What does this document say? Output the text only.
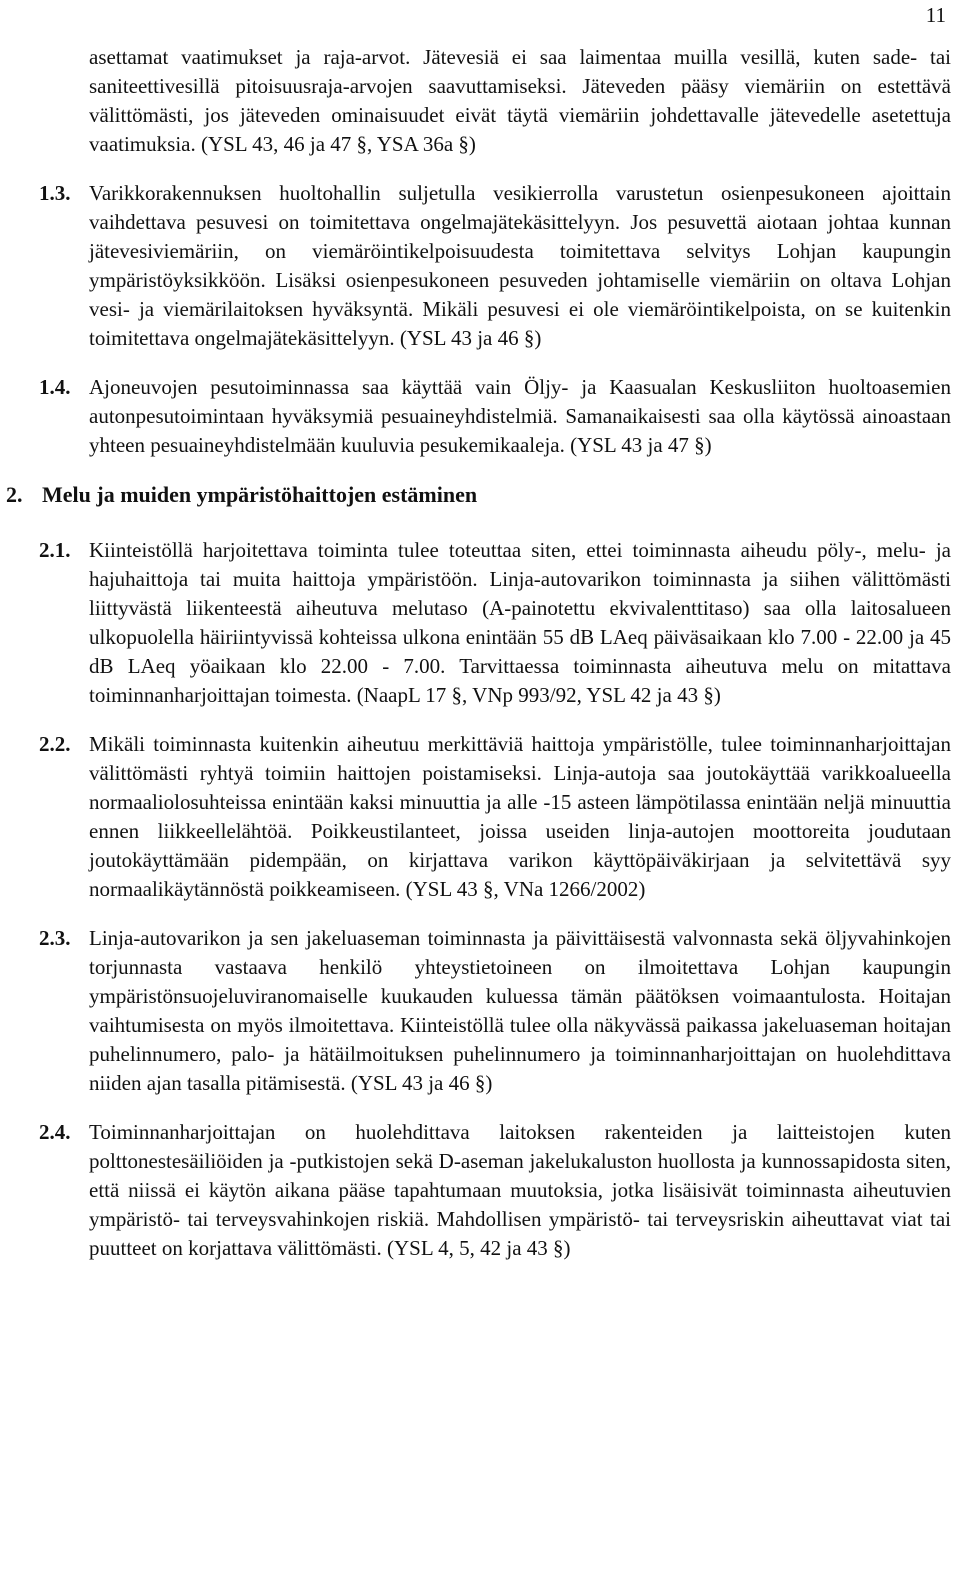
11

asettamat vaatimukset ja raja-arvot. Jätevesiä ei saa laimentaa muilla vesillä, kuten sade- tai saniteettivesillä pitoisuusraja-arvojen saavuttamiseksi. Jäteveden pääsy viemäriin on estettävä välittömästi, jos jäteveden ominaisuudet eivät täytä viemäriin johdettavalle jätevedelle asetettuja vaatimuksia. (YSL 43, 46 ja 47 §, YSA 36a §)

1.3. Varikkorakennuksen huoltohallin suljetulla vesikierrolla varustetun osienpesukoneen ajoittain vaihdettava pesuvesi on toimitettava ongelmajätekäsittelyyn. Jos pesuvettä aiotaan johtaa kunnan jätevesiviemäriin, on viemäröintikelpoisuudesta toimitettava selvitys Lohjan kaupungin ympäristöyksikköön. Lisäksi osienpesukoneen pesuveden johtamiselle viemäriin on oltava Lohjan vesi- ja viemärilaitoksen hyväksyntä. Mikäli pesuvesi ei ole viemäröintikelpoista, on se kuitenkin toimitettava ongelmajätekäsittelyyn. (YSL 43 ja 46 §)

1.4. Ajoneuvojen pesutoiminnassa saa käyttää vain Öljy- ja Kaasualan Keskusliiton huoltoasemien autonpesutoimintaan hyväksymiä pesuaineyhdistelmiä. Samanaikaisesti saa olla käytössä ainoastaan yhteen pesuaineyhdistelmään kuuluvia pesukemikaaleja. (YSL 43 ja 47 §)

2. Melu ja muiden ympäristöhaittojen estäminen

2.1. Kiinteistöllä harjoitettava toiminta tulee toteuttaa siten, ettei toiminnasta aiheudu pöly-, melu- ja hajuhaittoja tai muita haittoja ympäristöön. Linja-autovarikon toiminnasta ja siihen välittömästi liittyvästä liikenteestä aiheutuva melutaso (A-painotettu ekvivalenttitaso) saa olla laitosalueen ulkopuolella häiriintyvissä kohteissa ulkona enintään 55 dB LAeq päiväsaikaan klo 7.00 - 22.00 ja 45 dB LAeq yöaikaan klo 22.00 - 7.00. Tarvittaessa toiminnasta aiheutuva melu on mitattava toiminnanharjoittajan toimesta. (NaapL 17 §, VNp 993/92, YSL 42 ja 43 §)

2.2. Mikäli toiminnasta kuitenkin aiheutuu merkittäviä haittoja ympäristölle, tulee toiminnanharjoittajan välittömästi ryhtyä toimiin haittojen poistamiseksi. Linja-autoja saa joutokäyttää varikkoalueella normaaliolosuhteissa enintään kaksi minuuttia ja alle -15 asteen lämpötilassa enintään neljä minuuttia ennen liikkeellelähtöä. Poikkeustilanteet, joissa useiden linja-autojen moottoreita joudutaan joutokäyttämään pidempään, on kirjattava varikon käyttöpäiväkirjaan ja selvitettävä syy normaalikäytännöstä poikkeamiseen. (YSL 43 §, VNa 1266/2002)

2.3. Linja-autovarikon ja sen jakeluaseman toiminnasta ja päivittäisestä valvonnasta sekä öljyvahinkojen torjunnasta vastaava henkilö yhteystietoineen on ilmoitettava Lohjan kaupungin ympäristönsuojeluviranomaiselle kuukauden kuluessa tämän päätöksen voimaantulosta. Hoitajan vaihtumisesta on myös ilmoitettava. Kiinteistöllä tulee olla näkyvässä paikassa jakeluaseman hoitajan puhelinnumero, palo- ja hätäilmoituksen puhelinnumero ja toiminnanharjoittajan on huolehdittava niiden ajan tasalla pitämisestä. (YSL 43 ja 46 §)

2.4. Toiminnanharjoittajan on huolehdittava laitoksen rakenteiden ja laitteistojen kuten polttonestesäiliöiden ja -putkistojen sekä D-aseman jakelukaluston huollosta ja kunnossapidosta siten, että niissä ei käytön aikana pääse tapahtumaan muutoksia, jotka lisäisivät toiminnasta aiheutuvien ympäristö- tai terveysvahinkojen riskiä. Mahdollisen ympäristö- tai terveysriskin aiheuttavat viat tai puutteet on korjattava välittömästi. (YSL 4, 5, 42 ja 43 §)
